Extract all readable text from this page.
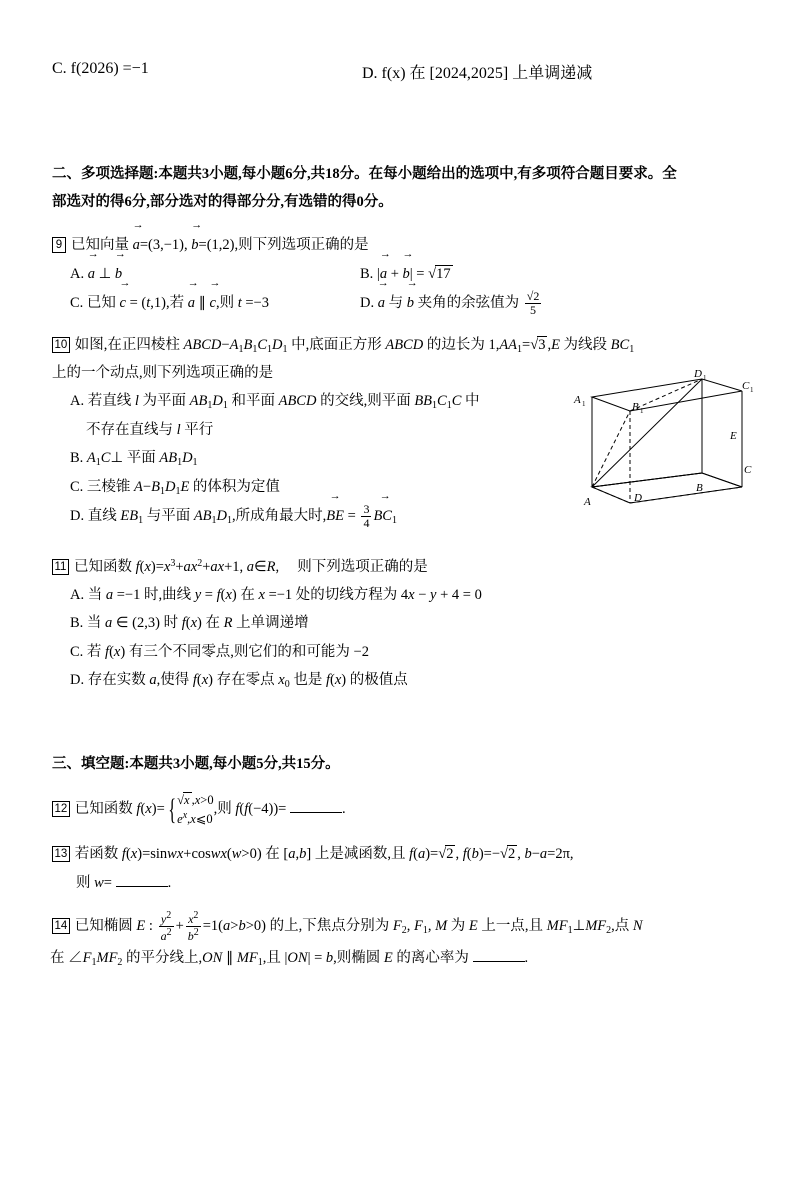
C. f(2026) =−1	D. f(x) 在 [2024,2025] 上单调递减
二、多项选择题:本题共3小题,每小题6分,共18分。在每小题给出的选项中,有多项符合题目要求。全
部选对的得6分,部分选对的得部分分,有选错的得0分。
9 已知向量 a →=(3,−1), b →=(1,2),则下列选项正确的是
A. a → ⊥ b →	B. |a → + b →| = √17
C. 已知 c → = (t,1),若 a → ∥ c →,则 t =−3	D. a → 与 b → 夹角的余弦值为 $\frac{√2}{5}$
10 如图,在正四棱柱 $ABCD-A_1B_1C_1D_1$ 中,底面正方形 ABCD 的边长为 $1,AA_1=√3$ ,E 为线段 $BC_1$
上的一个动点,则下列选项正确的是
A. 若直线 l 为平面 $AB_1D_1$ 和平面 ABCD 的交线,则平面 $BB_1C_1C$ 中
不存在直线与 l 平行
B. $A_1C\perp$ 平面 $AB_1D_1$
C. 三棱锥 $A-B_1D_1E$ 的体积为定值
D. 直线 $EB_1$ 与平面 $AB_1D_1$,所成角最大时,BE → = $\frac{3}{4} BC_1$ →
D 1
C 1
A 1	B 1
E
C
D
A
B
11 已知函数 $f(x)=x^3+ax^2+ax+1$, a∈R,     则下列选项正确的是
A. 当 a =−1 时,曲线 y = f(x) 在 x =−1 处的切线方程为 4x − y + 4 = 0
B. 当 a ∈ (2,3) 时 f(x) 在 R 上单调递增
C. 若 f(x) 有三个不同零点,则它们的和可能为 −2
D. 存在实数 a,使得 f(x) 存在零点 $x_0$ 也是 f(x) 的极值点
三、填空题:本题共3小题,每小题5分,共15分。
12 已知函数 f(x)= { √x ,x>0
$e^x,x⩽0$
,则 f(f(−4))=	.
13 若函数 f(x)=sinwx+coswx(w>0) 在 [a,b] 上是减函数,且 f(a)=√2 , f(b)=−√2 , b−a=2π,
则 w=	.
14 已知椭圆 E : $\frac{y^2}{a^2} + \frac{x^2}{b^2} =1(a>b>0)$ 的上,下焦点分别为 $F_2$, $F_1$, M 为 E 上一点,且 $MF_1\perp MF_2$,点 N
在 $\angle F_1MF_2$ 的平分线上,ON ∥ $MF_1$,且 |ON| = b,则椭圆 E 的离心率为	.
